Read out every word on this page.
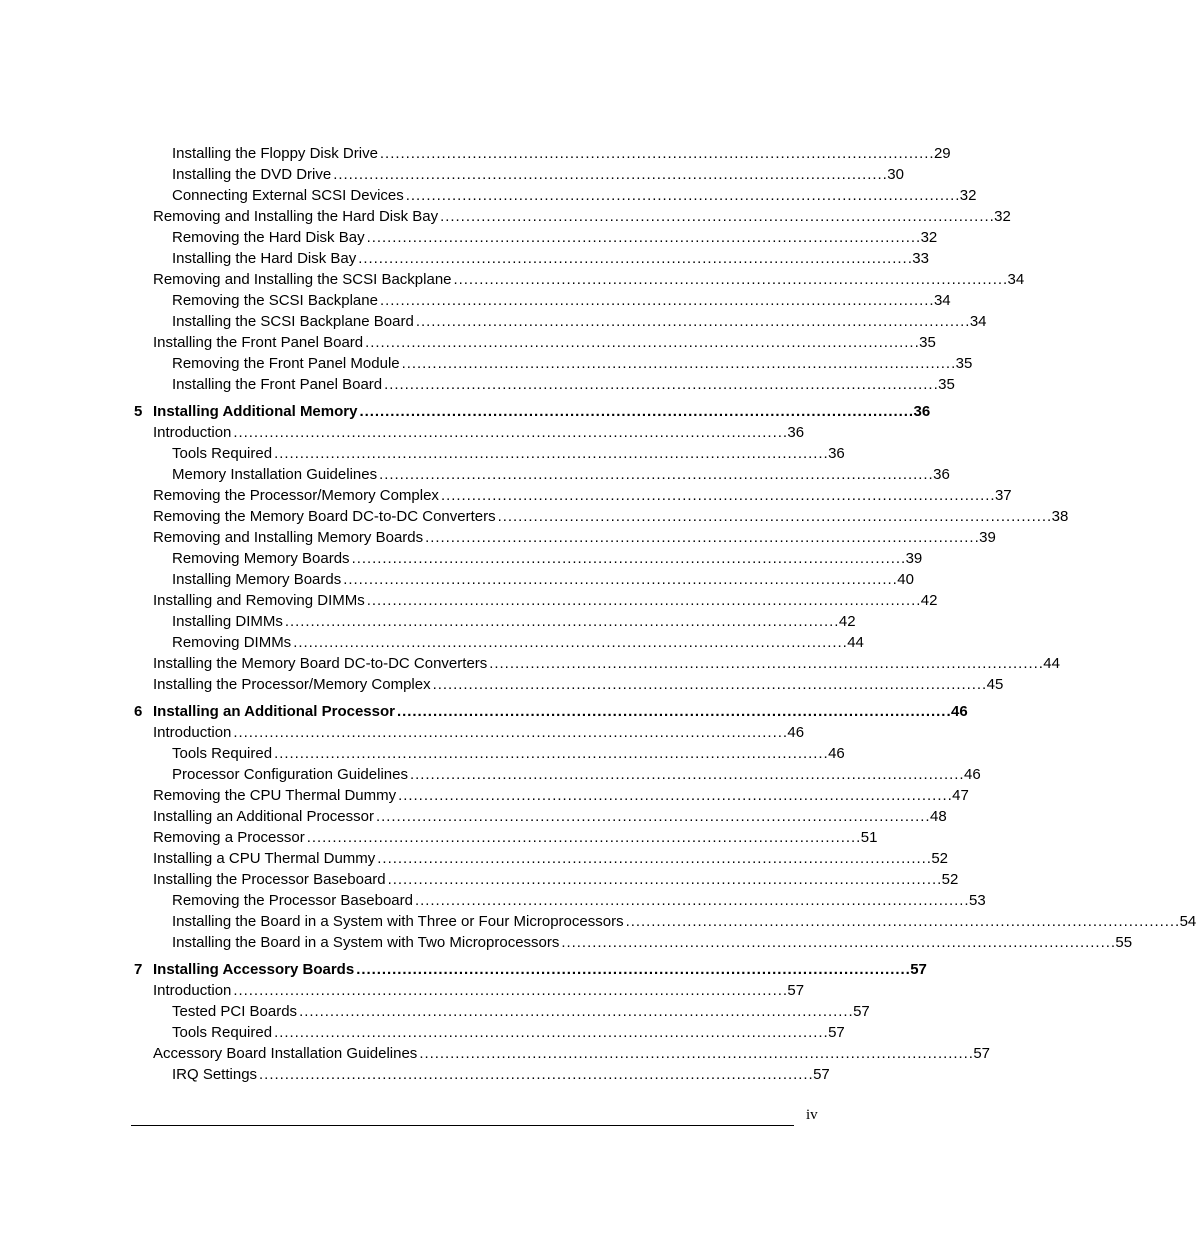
Installing the Floppy Disk Drive . . .	29
Installing the DVD Drive . . .	30
Connecting External SCSI Devices . . .	32
Removing and Installing the Hard Disk Bay . . .	32
Removing the Hard Disk Bay . . .	32
Installing the Hard Disk Bay . . .	33
Removing and Installing the SCSI Backplane . . .	34
Removing the SCSI Backplane . . .	34
Installing the SCSI Backplane Board . . .	34
Installing the Front Panel Board . . .	35
Removing the Front Panel Module . . .	35
Installing the Front Panel Board . . .	35
5 Installing Additional Memory . . .	36
Introduction . . .	36
Tools Required . . .	36
Memory Installation Guidelines . . .	36
Removing the Processor/Memory Complex . . .	37
Removing the Memory Board DC-to-DC Converters . . .	38
Removing and Installing Memory Boards . . .	39
Removing Memory Boards . . .	39
Installing Memory Boards . . .	40
Installing and Removing DIMMs . . .	42
Installing DIMMs . . .	42
Removing DIMMs . . .	44
Installing the Memory Board DC-to-DC Converters . . .	44
Installing the Processor/Memory Complex . . .	45
6 Installing an Additional Processor . . .	46
Introduction . . .	46
Tools Required . . .	46
Processor Configuration Guidelines . . .	46
Removing the CPU Thermal Dummy . . .	47
Installing an Additional Processor . . .	48
Removing a Processor . . .	51
Installing a CPU Thermal Dummy . . .	52
Installing the Processor Baseboard . . .	52
Removing the Processor Baseboard . . .	53
Installing the Board in a System with Three or Four Microprocessors . . .	54
Installing the Board in a System with Two Microprocessors . . .	55
7 Installing Accessory Boards . . .	57
Introduction . . .	57
Tested PCI Boards . . .	57
Tools Required . . .	57
Accessory Board Installation Guidelines . . .	57
IRQ Settings . . .	57
iv
